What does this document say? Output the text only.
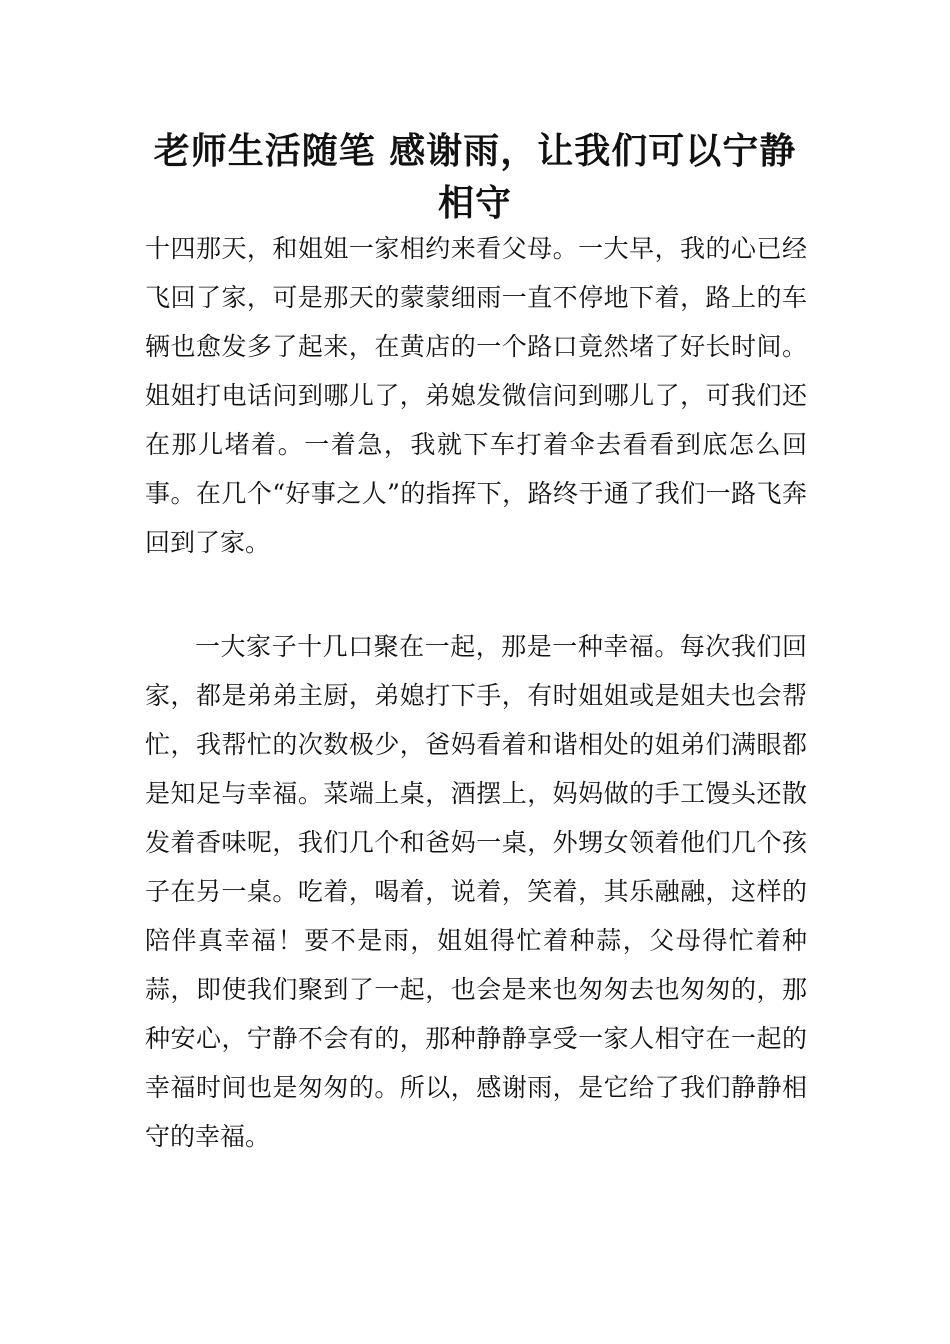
老师生活随笔 感谢雨，让我们可以宁静相守

十四那天，和姐姐一家相约来看父母。一大早，我的心已经飞回了家，可是那天的蒙蒙细雨一直不停地下着，路上的车辆也愈发多了起来，在黄店的一个路口竟然堵了好长时间。姐姐打电话问到哪儿了，弟媳发微信问到哪儿了，可我们还在那儿堵着。一着急，我就下车打着伞去看看到底怎么回事。在几个“好事之人”的指挥下，路终于通了我们一路飞奔回到了家。

一大家子十几口聚在一起，那是一种幸福。每次我们回家，都是弟弟主厨，弟媳打下手，有时姐姐或是姐夫也会帮忙，我帮忙的次数极少，爸妈看着和谐相处的姐弟们满眼都是知足与幸福。菜端上桌，酒摆上，妈妈做的手工馒头还散发着香味呢，我们几个和爸妈一桌，外甥女领着他们几个孩子在另一桌。吃着，喝着，说着，笑着，其乐融融，这样的陪伴真幸福！要不是雨，姐姐得忙着种蒜，父母得忙着种蒜，即使我们聚到了一起，也会是来也匆匆去也匆匆的，那种安心，宁静不会有的，那种静静享受一家人相守在一起的幸福时间也是匆匆的。所以，感谢雨，是它给了我们静静相守的幸福。
